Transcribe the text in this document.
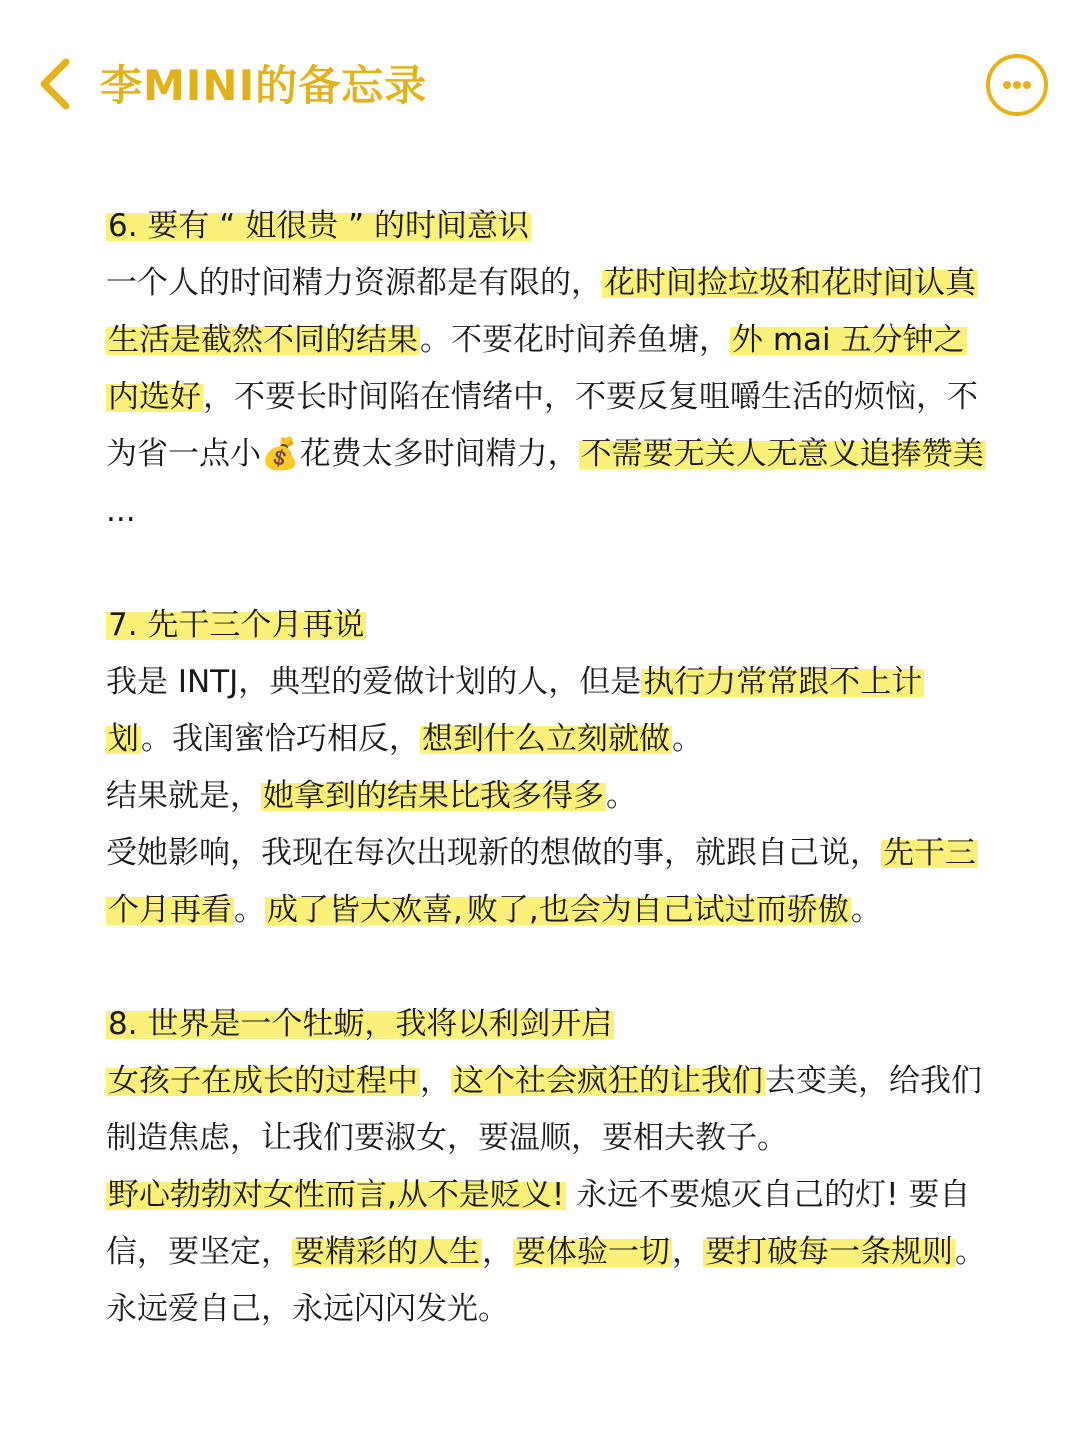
李MINI的备忘录
6. 要有 “ 姐很贵 ” 的时间意识

一个人的时间精力资源都是有限的，花时间捡垃圾和花时间认真生活是截然不同的结果。不要花时间养鱼塘，外 mai 五分钟之内选好，不要长时间陷在情绪中，不要反复咀嚼生活的烦恼，不为省一点小💰花费太多时间精力，不需要无关人无意义追捧赞美 ...

7. 先干三个月再说

我是 INTJ，典型的爱做计划的人，但是执行力常常跟不上计划。我闺蜜恰巧相反，想到什么立刻就做。

结果就是，她拿到的结果比我多得多。

受她影响，我现在每次出现新的想做的事，就跟自己说，先干三个月再看。成了皆大欢喜, 败了,也会为自己试过而骄傲。

8. 世界是一个牡蛎，我将以利剑开启

女孩子在成长的过程中，这个社会疯狂的让我们去变美，给我们制造焦虑，让我们要淑女，要温顺，要相夫教子。

野心勃勃对女性而言,从不是贬义! 永远不要熄灭自己的灯! 要自信，要坚定，要精彩的人生，要体验一切，要打破每一条规则。永远爱自己，永远闪闪发光。
